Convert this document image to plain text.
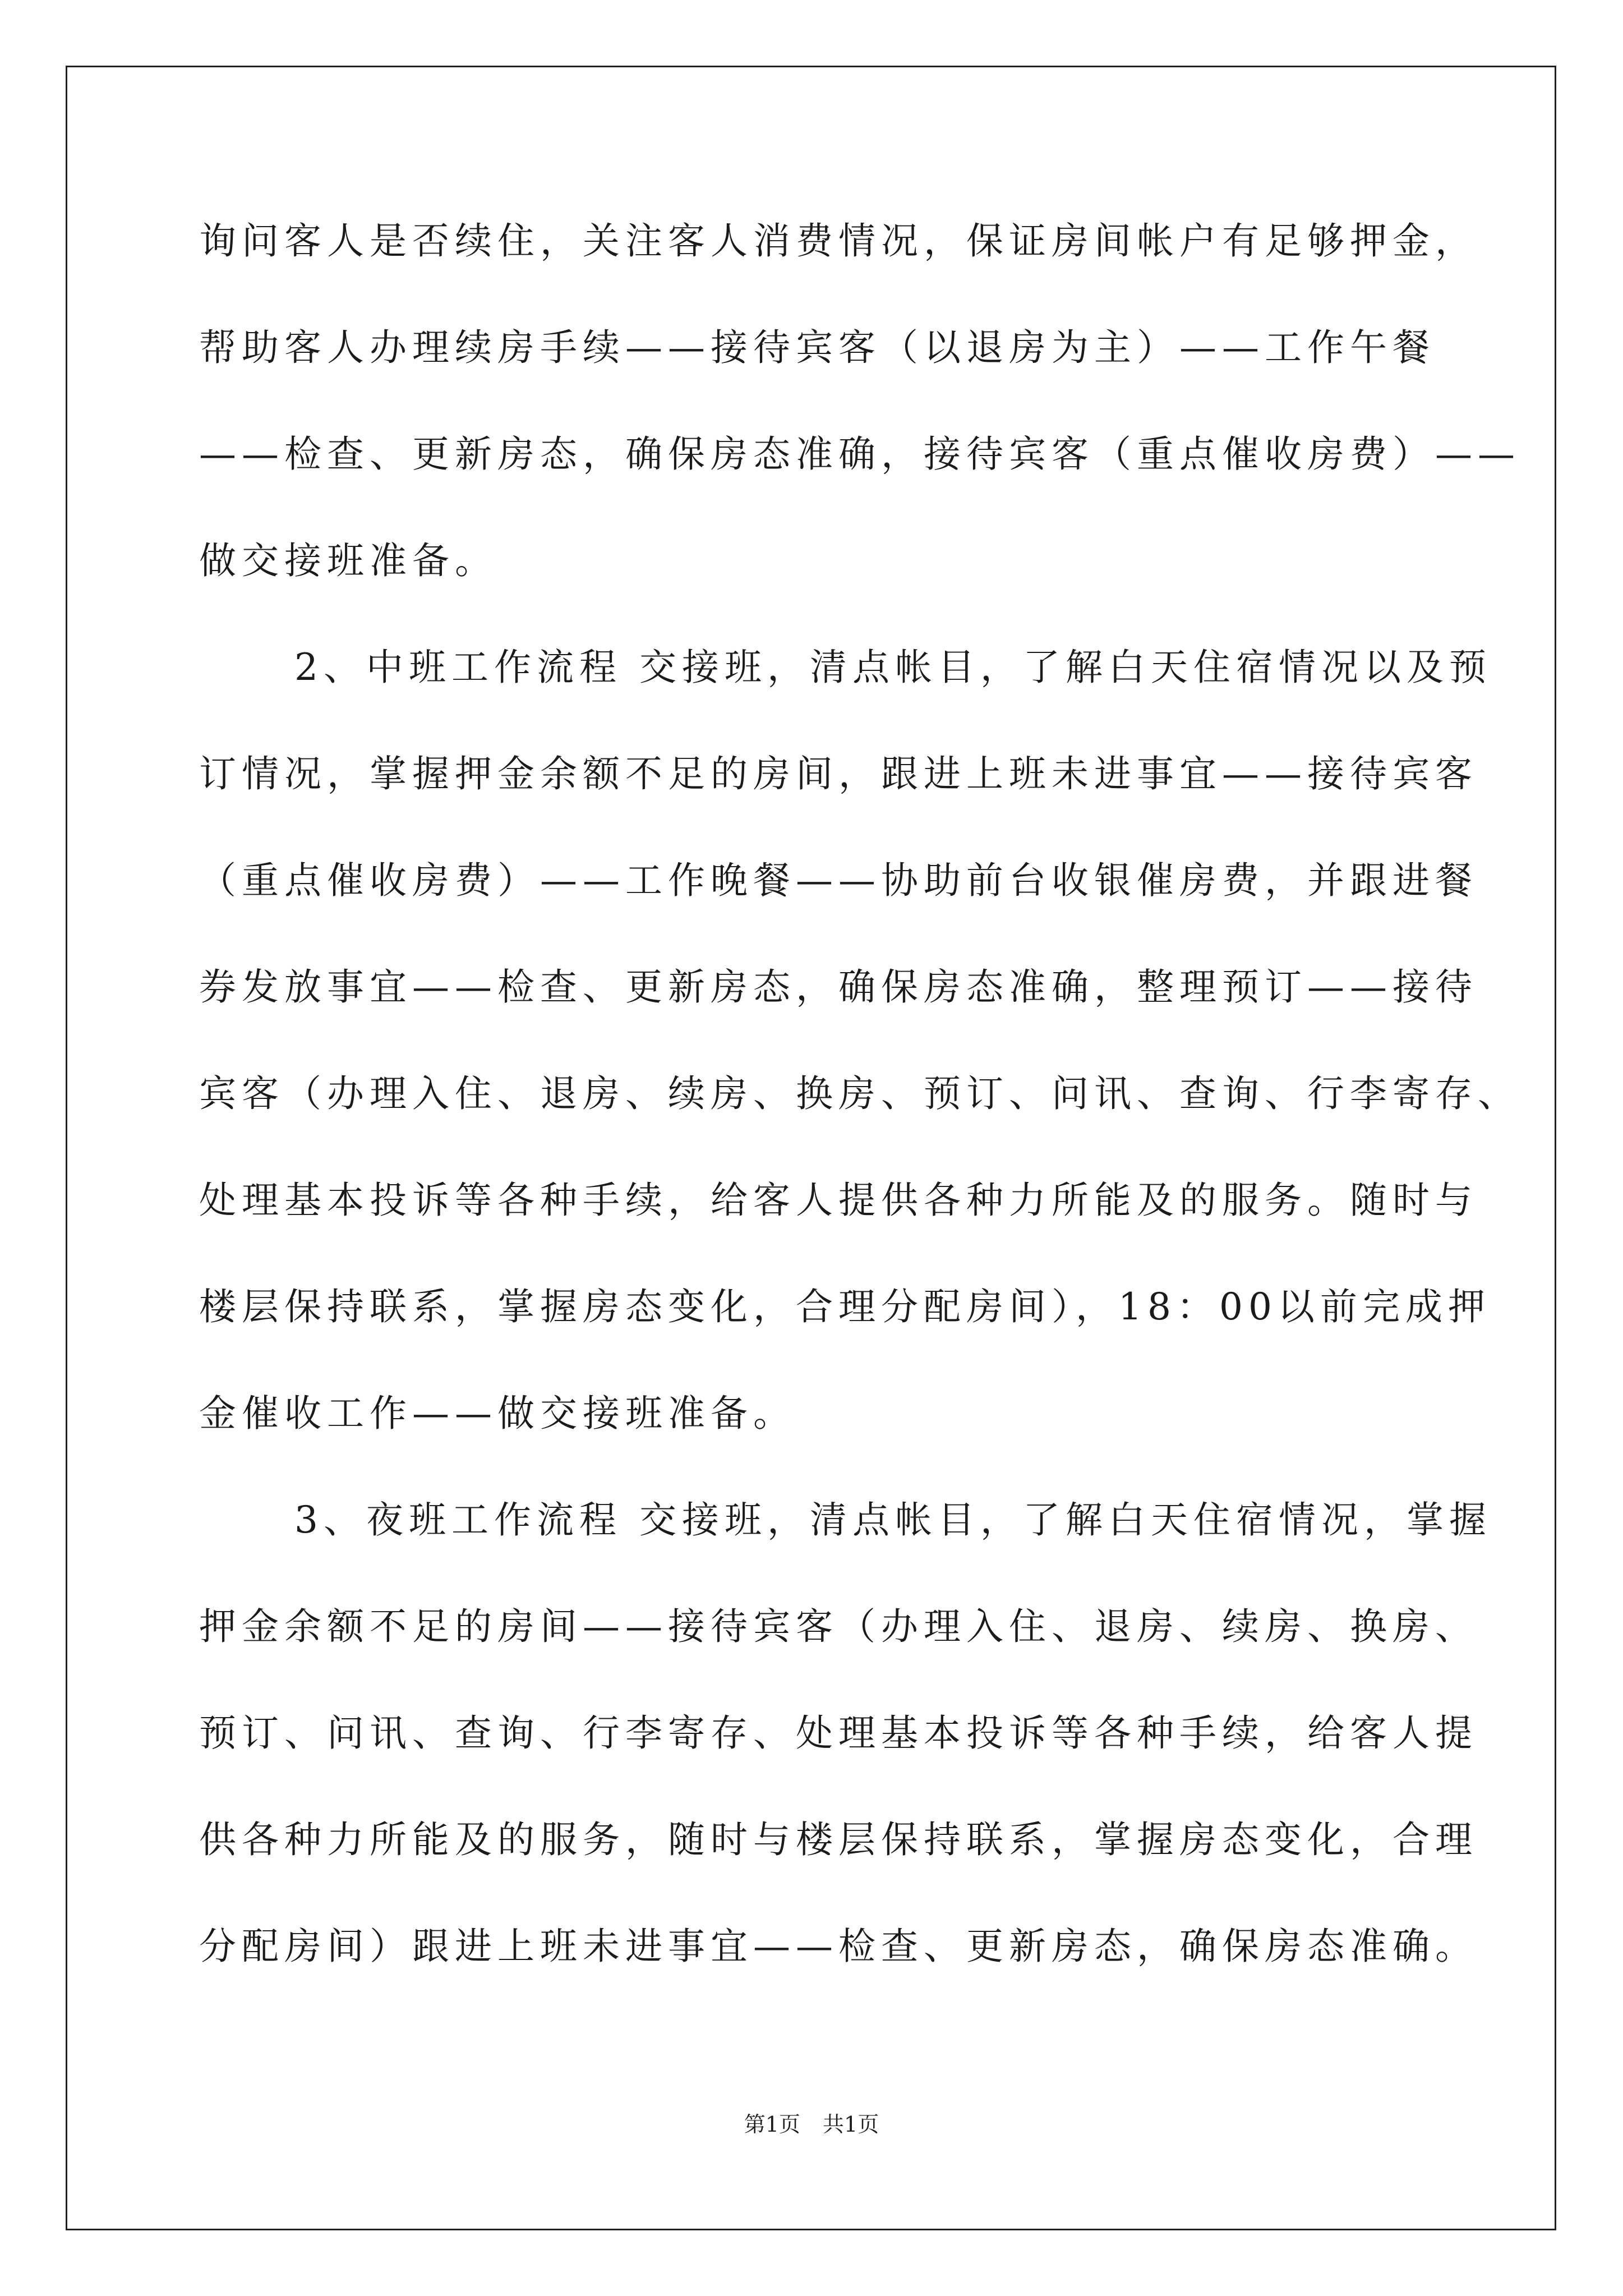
询问客人是否续住，关注客人消费情况，保证房间帐户有足够押金，
帮助客人办理续房手续——接待宾客（以退房为主）——工作午餐
——检查、更新房态，确保房态准确，接待宾客（重点催收房费）——
做交接班准备。
2、中班工作流程 交接班，清点帐目，了解白天住宿情况以及预
订情况，掌握押金余额不足的房间，跟进上班未进事宜——接待宾客
（重点催收房费）——工作晚餐——协助前台收银催房费，并跟进餐
券发放事宜——检查、更新房态，确保房态准确，整理预订——接待
宾客（办理入住、退房、续房、换房、预订、问讯、查询、行李寄存、
处理基本投诉等各种手续，给客人提供各种力所能及的服务。随时与
楼层保持联系，掌握房态变化，合理分配房间），18：00以前完成押
金催收工作——做交接班准备。
3、夜班工作流程 交接班，清点帐目，了解白天住宿情况，掌握
押金余额不足的房间——接待宾客（办理入住、退房、续房、换房、
预订、问讯、查询、行李寄存、处理基本投诉等各种手续，给客人提
供各种力所能及的服务，随时与楼层保持联系，掌握房态变化，合理
分配房间）跟进上班未进事宜——检查、更新房态，确保房态准确。
第1页 共1页
